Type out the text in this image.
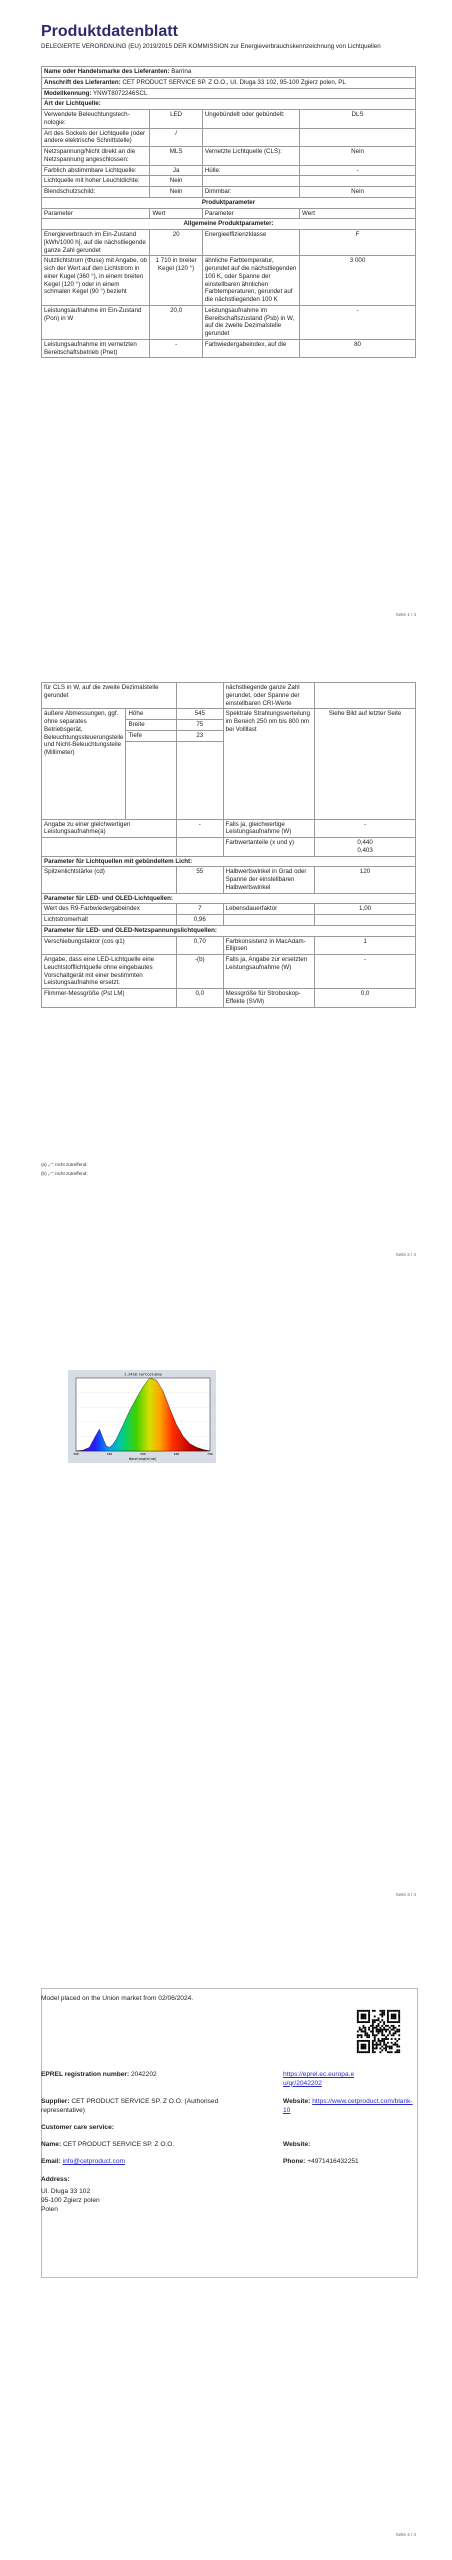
Produktdatenblatt
DELEGIERTE VERORDNUNG (EU) 2019/2015 DER KOMMISSION zur Energieverbrauchskennzeichnung von Lichtquellen
Name oder Handelsmarke des Lieferanten: Barrina			
Anschrift des Lieferanten: CET PRODUCT SERVICE SP. Z O.O., Ul. Dluga 33 102, 95-100 Zgierz polen, PL			
Modellkennung: YNWT8072246SCL			
Art der Lichtquelle:			
Verwendete Beleuchtungstech-nologie:	LED	Ungebündelt oder gebündelt:	DLS
Art des Sockels der Lichtquelle (oder andere elektrische Schnittstelle)	/		
Netzspannung/Nicht direkt an die Netzspannung angeschlossen:	MLS	Vernetzte Lichtquelle (CLS):	Nein
Farblich abstimmbare Lichtquelle:	Ja	Hülle:	-
Lichtquelle mit hoher Leuchtdichte:	Nein		
Blendschutzschild:	Nein	Dimmbar:	Nein
Produktparameter			
Parameter	Wert	Parameter	Wert
Allgemeine Produktparameter:			
Energieverbrauch im Ein-Zustand [kWh/1000 h], auf die nächstliegende ganze Zahl gerundet	20	Energieeffizienzklasse	F
Nutzlichtstrom (Φuse) mit Angabe, ob sich der Wert auf den Lichtstrom in einer Kugel (360 °), in einem breiten Kegel (120 °) oder in einem schmalen Kegel (90 °) bezieht	1 710 in breiter Kegel (120 °)	ähnliche Farbtemperatur, gerundet auf die nächstliegenden 100 K, oder Spanne der einstellbaren ähnlichen Farbtemperaturen, gerundet auf die nächstliegenden 100 K	3 000
Leistungsaufnahme im Ein-Zustand (Pon) in W	20,0	Leistungsaufnahme im Bereitschaftszustand (Psb) in W, auf die zweite Dezimalstelle gerundet	-
Leistungsaufnahme im vernetzten Bereitschaftsbetrieb (Pnet)	-	Farbwiedergabeindex, auf die	80
Seite 1 / 4
für CLS in W, auf die zweite Dezimalstelle gerundet			nächstliegende ganze Zahl gerundet, oder Spanne der einstellbaren CRI-Werte	
äußere Abmessungen, ggf. ohne separates Betriebsgerät, Beleuchtungssteuerungsteile und Nicht-Beleuchtungsteile (Millimeter)	Höhe	545	Spektrale Strahlungsverteilung im Bereich 250 nm bis 800 nm bei Vollllast	Siehe Bild auf letzter Seite
	Breite	75		
	Tiefe	23		

Angabe zu einer gleichwertigen Leistungsaufnahme(a)		-	Falls ja, gleichwertige Leistungsaufnahme (W)	-
			Farbwertanteile (x und y)	0,440
0,403
Parameter für Lichtquellen mit gebündeltem Licht:				
Spitzenlichtstärke (cd)		55	Halbwertswinkel in Grad oder Spanne der einstellbaren Halbwertswinkel	120
Parameter für LED- und OLED-Lichtquellen:				
Wert des R9-Farbwiedergabeindex		7	Lebensdauerfaktor	1,00
Lichtstromerhalt		0,96		
Parameter für LED- und OLED-Netzspannungslichtquellen:				
Verschiebungsfaktor (cos φ1)		0,70	Farbkonsistenz in MacAdam-Ellipsen	1
Angabe, dass eine LED-Lichtquelle eine Leuchtstofflichtquelle ohne eingebautes Vorschaltgerät mit einer bestimmten Leistungsaufnahme ersetzt.		-(b)	Falls ja, Angabe zur ersetzten Leistungsaufnahme (W)	-
Flimmer-Messgröße (Pst LM)		0,0	Messgröße für Stroboskop-Effekte (SVM)	0,0
(a) „-“: nicht zutreffend;
(b) „-“: nicht zutreffend;
Seite 2 / 4
Seite 3 / 4
1.2418.1wrCcolumny
380	480	580	680	780
Wavelength(nm)
Seite 4 / 4
Model placed on the Union market from 02/06/2024.
EPREL registration number: 2042202	https://eprel.ec.europa.eu/qr/2042202
Supplier: CET PRODUCT SERVICE SP. Z O.O. (Authorised representative)
Website: https://www.cetproduct.com/blank-10
Customer care service:
Name: CET PRODUCT SERVICE SP. Z O.O.	Website:
Email: info@cetproduct.com	Phone: +4971416432251
Address:
Ul. Dluga 33 102
95-100 Zgierz polen
Polen
